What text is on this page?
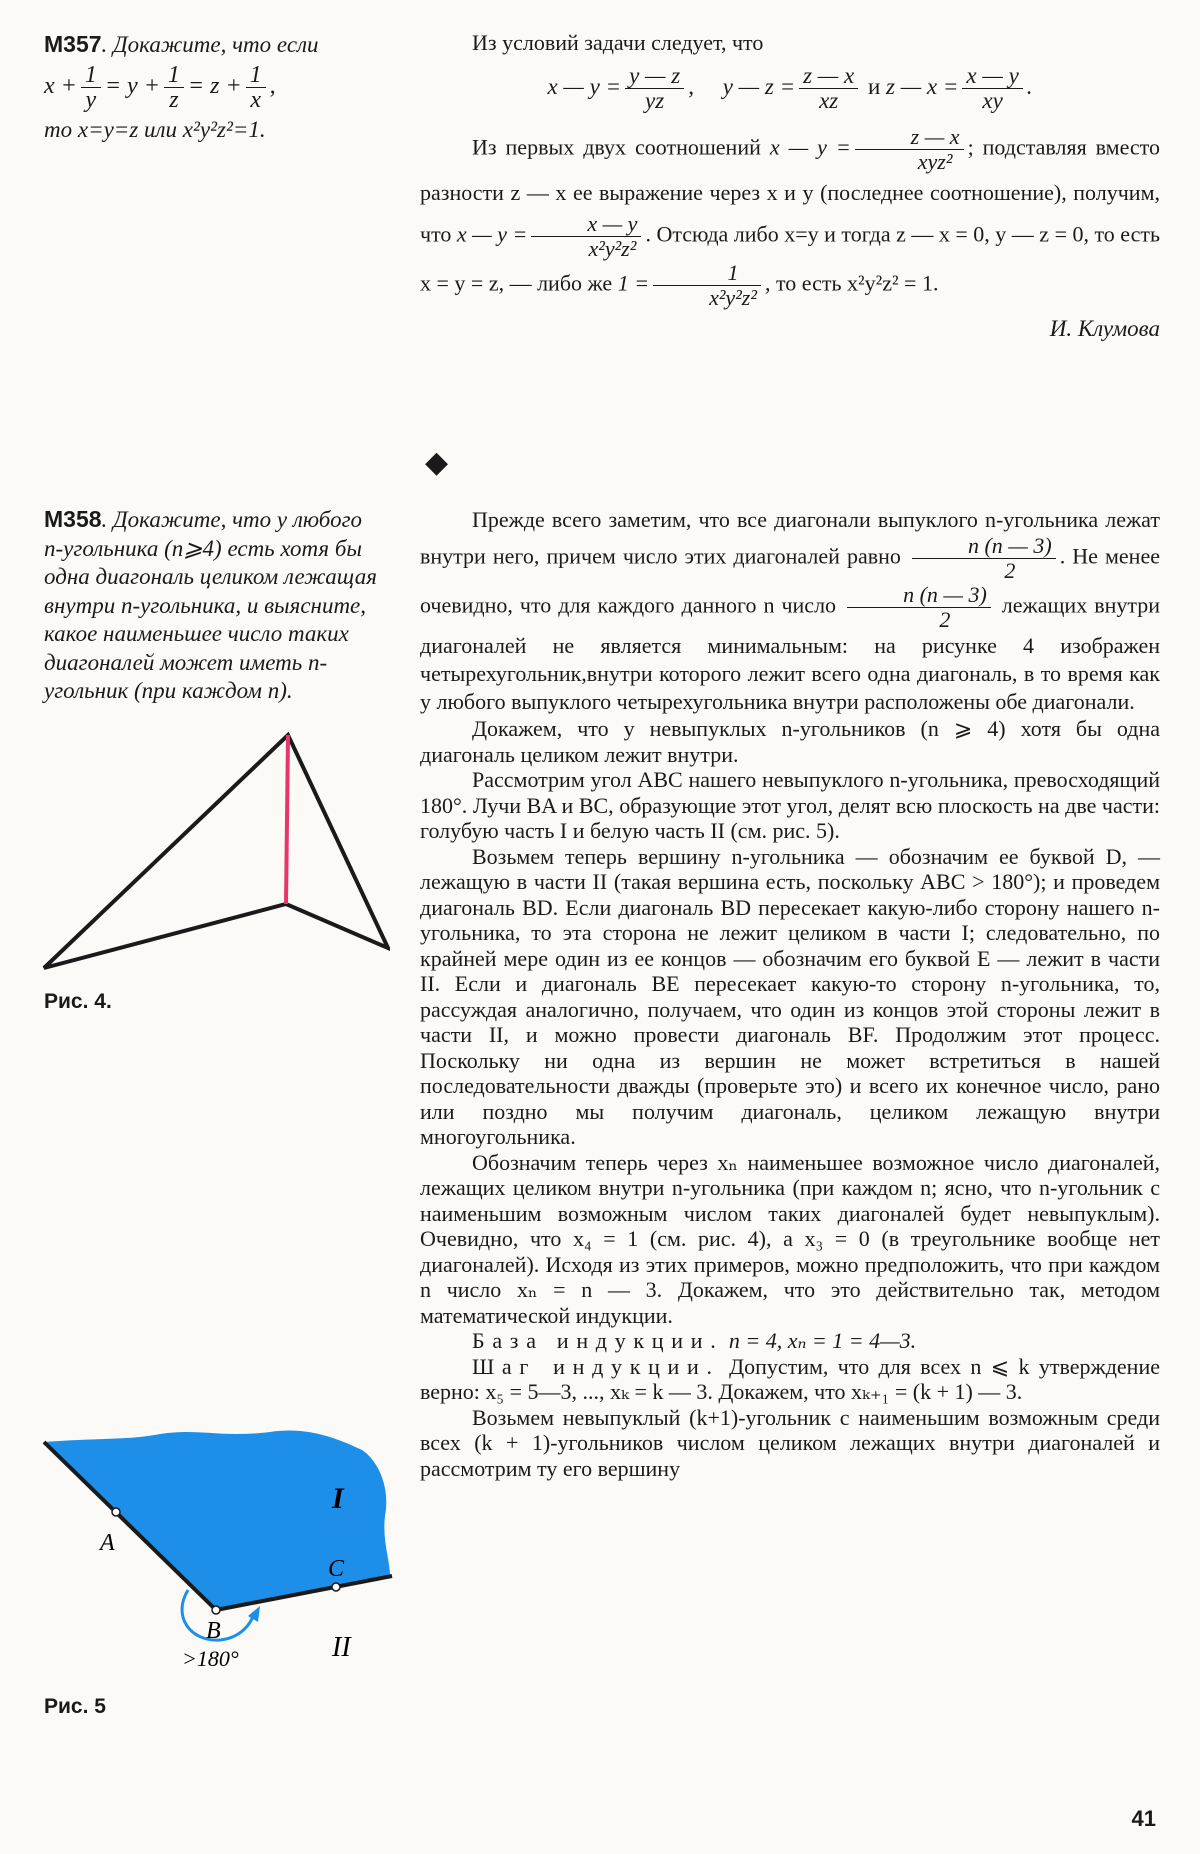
M357. Докажите, что если
$x + \frac{1}{y} = y + \frac{1}{z} = z + \frac{1}{x}$ ,
то x=y=z или x²y²z²=1.

Из условий задачи следует, что

x — $y = \frac{y — z}{yz}$ ,     y — $z = \frac{z — x}{xz}$ и z — $x = \frac{x — y}{xy}$ .

Из первых двух соотношений x — $y = \frac{z — x}{\text{xyz²}}$ ; подставляя вместо разности z — x ее выражение через x и y (последнее соотношение), получим, что x — $y = \frac{x — y}{\text{x²y²z²}}$ . Отсюда либо x=y и тогда z — x = 0, y — z = 0, то есть x = y = z, — либо же $1 = \frac{1}{\text{x²y²z²}}$ , то есть x²y²z² = 1.

И. Клумова
◆
M358. Докажите, что у любого n-угольника (n⩾4) есть хотя бы одна диагональ целиком лежащая внутри n-угольника, и выясните, какое наименьшее число таких диагоналей может иметь n-угольник (при каждом n).
Рис. 4.
A
B
C
I
II
>180°
Рис. 5

Прежде всего заметим, что все диагонали выпуклого n-угольника лежат внутри него, причем число этих диагоналей равно $\frac{n (n — 3)}{2}$ . Не менее очевидно, что для каждого данного n число $\frac{n (n — 3)}{2}$ лежащих внутри диагоналей не является минимальным: на рисунке 4 изображен четырехугольник,внутри которого лежит всего одна диагональ, в то время как у любого выпуклого четырехугольника внутри расположены обе диагонали.

Докажем, что у невыпуклых n-угольников (n ⩾ 4) хотя бы одна диагональ целиком лежит внутри.

Рассмотрим угол ABC нашего невыпуклого n-угольника, превосходящий 180°. Лучи BA и BC, образующие этот угол, делят всю плоскость на две части: голубую часть I и белую часть II (см. рис. 5).

Возьмем теперь вершину n-угольника — обозначим ее буквой D, — лежащую в части II (такая вершина есть, поскольку ABC > 180°); и проведем диагональ BD. Если диагональ BD пересекает какую-либо сторону нашего n-угольника, то эта сторона не лежит целиком в части I; следовательно, по крайней мере один из ее концов — обозначим его буквой E — лежит в части II. Если и диагональ BE пересекает какую-то сторону n-угольника, то, рассуждая аналогично, получаем, что один из концов этой стороны лежит в части II, и можно провести диагональ BF. Продолжим этот процесс. Поскольку ни одна из вершин не может встретиться в нашей последовательности дважды (проверьте это) и всего их конечное число, рано или поздно мы получим диагональ, целиком лежащую внутри многоугольника.

Обозначим теперь через xₙ наименьшее возможное число диагоналей, лежащих целиком внутри n-угольника (при каждом n; ясно, что n-угольник с наименьшим возможным числом таких диагоналей будет невыпуклым). Очевидно, что x₄ = 1 (см. рис. 4), а x₃ = 0 (в треугольнике вообще нет диагоналей). Исходя из этих примеров, можно предположить, что при каждом n число xₙ = n — 3. Докажем, что это действительно так, методом математической индукции.

База индукции. n = 4, xₙ = 1 = 4—3.

Шаг индукции. Допустим, что для всех n ⩽ k утверждение верно: x₅ = 5—3, ..., xₖ = k — 3. Докажем, что xₖ₊₁ = (k + 1) — 3.

Возьмем невыпуклый (k+1)-угольник с наименьшим возможным среди всех (k + 1)-угольников числом целиком лежащих внутри диагоналей и рассмотрим ту его вершину

41
